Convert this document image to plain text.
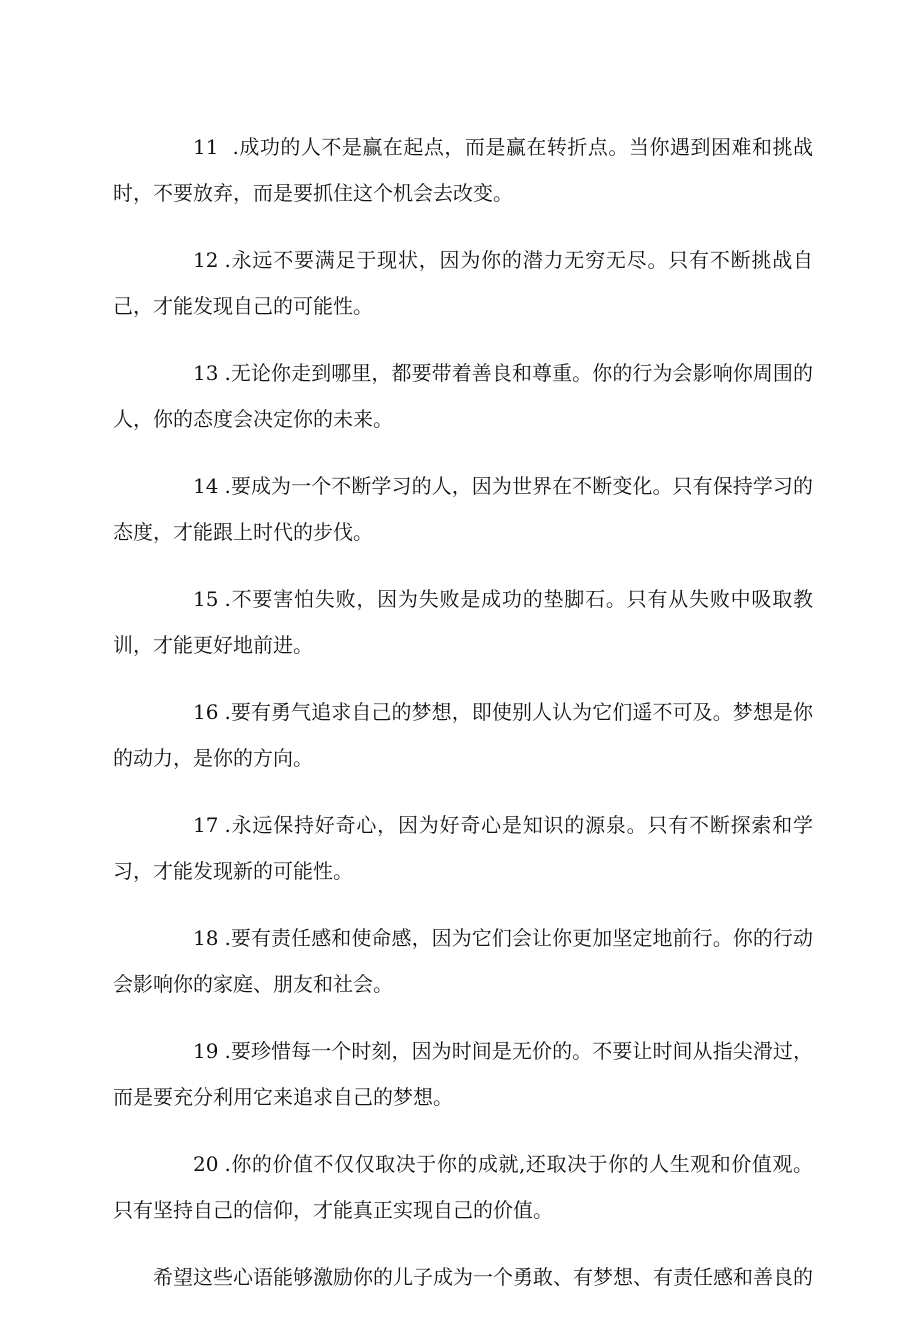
11 .成功的人不是赢在起点，而是赢在转折点。当你遇到困难和挑战时，不要放弃，而是要抓住这个机会去改变。

12 .永远不要满足于现状，因为你的潜力无穷无尽。只有不断挑战自己，才能发现自己的可能性。

13 .无论你走到哪里，都要带着善良和尊重。你的行为会影响你周围的人，你的态度会决定你的未来。

14 .要成为一个不断学习的人，因为世界在不断变化。只有保持学习的态度，才能跟上时代的步伐。

15 .不要害怕失败，因为失败是成功的垫脚石。只有从失败中吸取教训，才能更好地前进。

16 .要有勇气追求自己的梦想，即使别人认为它们遥不可及。梦想是你的动力，是你的方向。

17 .永远保持好奇心，因为好奇心是知识的源泉。只有不断探索和学习，才能发现新的可能性。

18 .要有责任感和使命感，因为它们会让你更加坚定地前行。你的行动会影响你的家庭、朋友和社会。

19 .要珍惜每一个时刻，因为时间是无价的。不要让时间从指尖滑过，而是要充分利用它来追求自己的梦想。

20 .你的价值不仅仅取决于你的成就,还取决于你的人生观和价值观。只有坚持自己的信仰，才能真正实现自己的价值。

希望这些心语能够激励你的儿子成为一个勇敢、有梦想、有责任感和善良的
